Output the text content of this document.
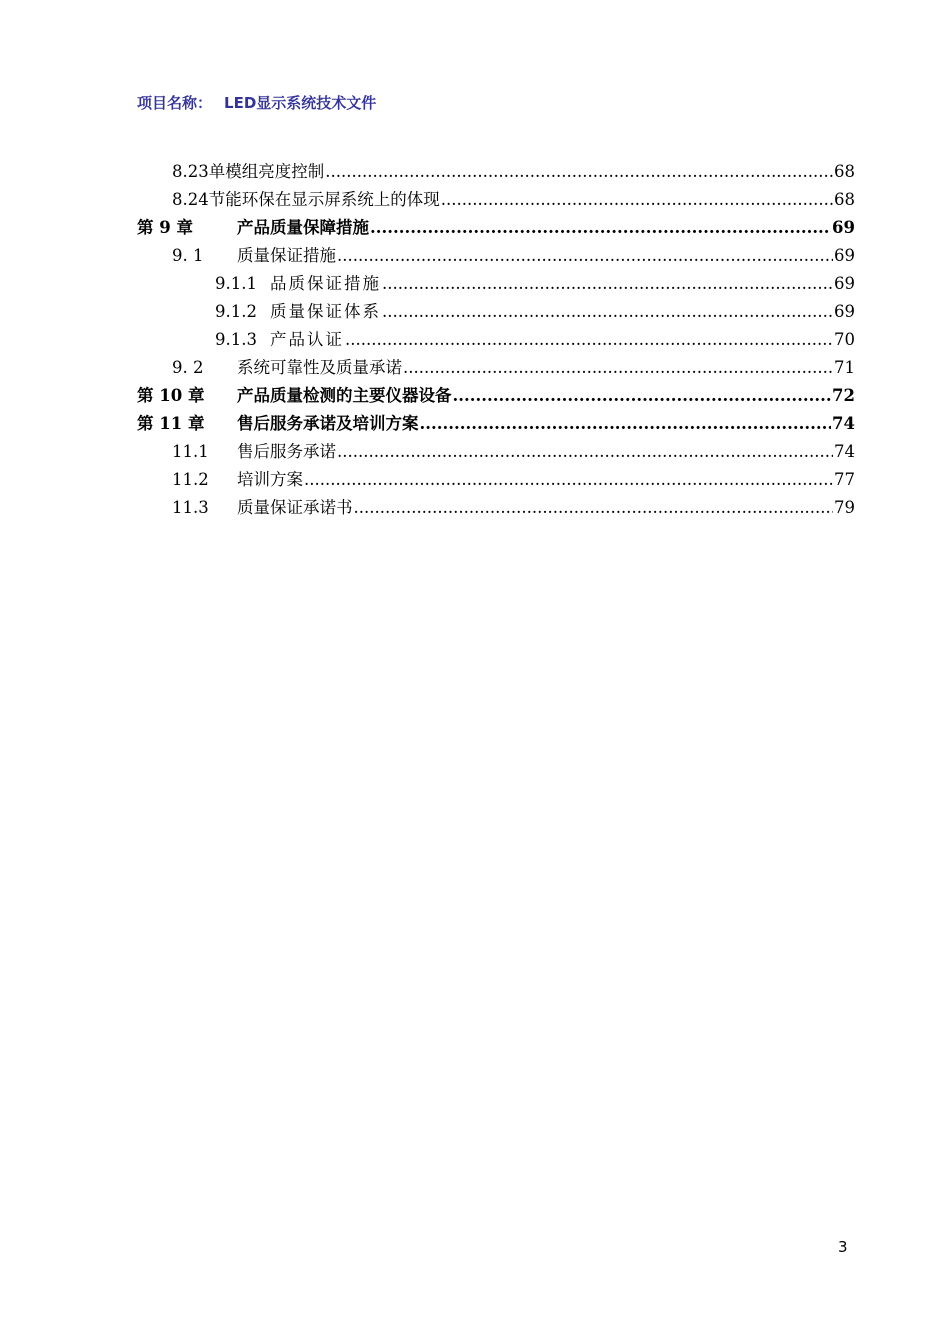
项目名称： LED显示系统技术文件
8.23 单模组亮度控制 .....	68
8.24 节能环保在显示屏系统上的体现 .....	68
第 9 章	产品质量保障措施 .....	69
9. 1	质量保证措施 .....	69
9.1.1 品质保证措施 .....	69
9.1.2 质量保证体系 .....	69
9.1.3 产品认证 .....	70
9. 2	系统可靠性及质量承诺 .....	71
第 10 章	产品质量检测的主要仪器设备 .....	72
第 11 章	售后服务承诺及培训方案 .....	74
11.1	售后服务承诺 .....	74
11.2	培训方案 .....	77
11.3	质量保证承诺书 .....	79
3
